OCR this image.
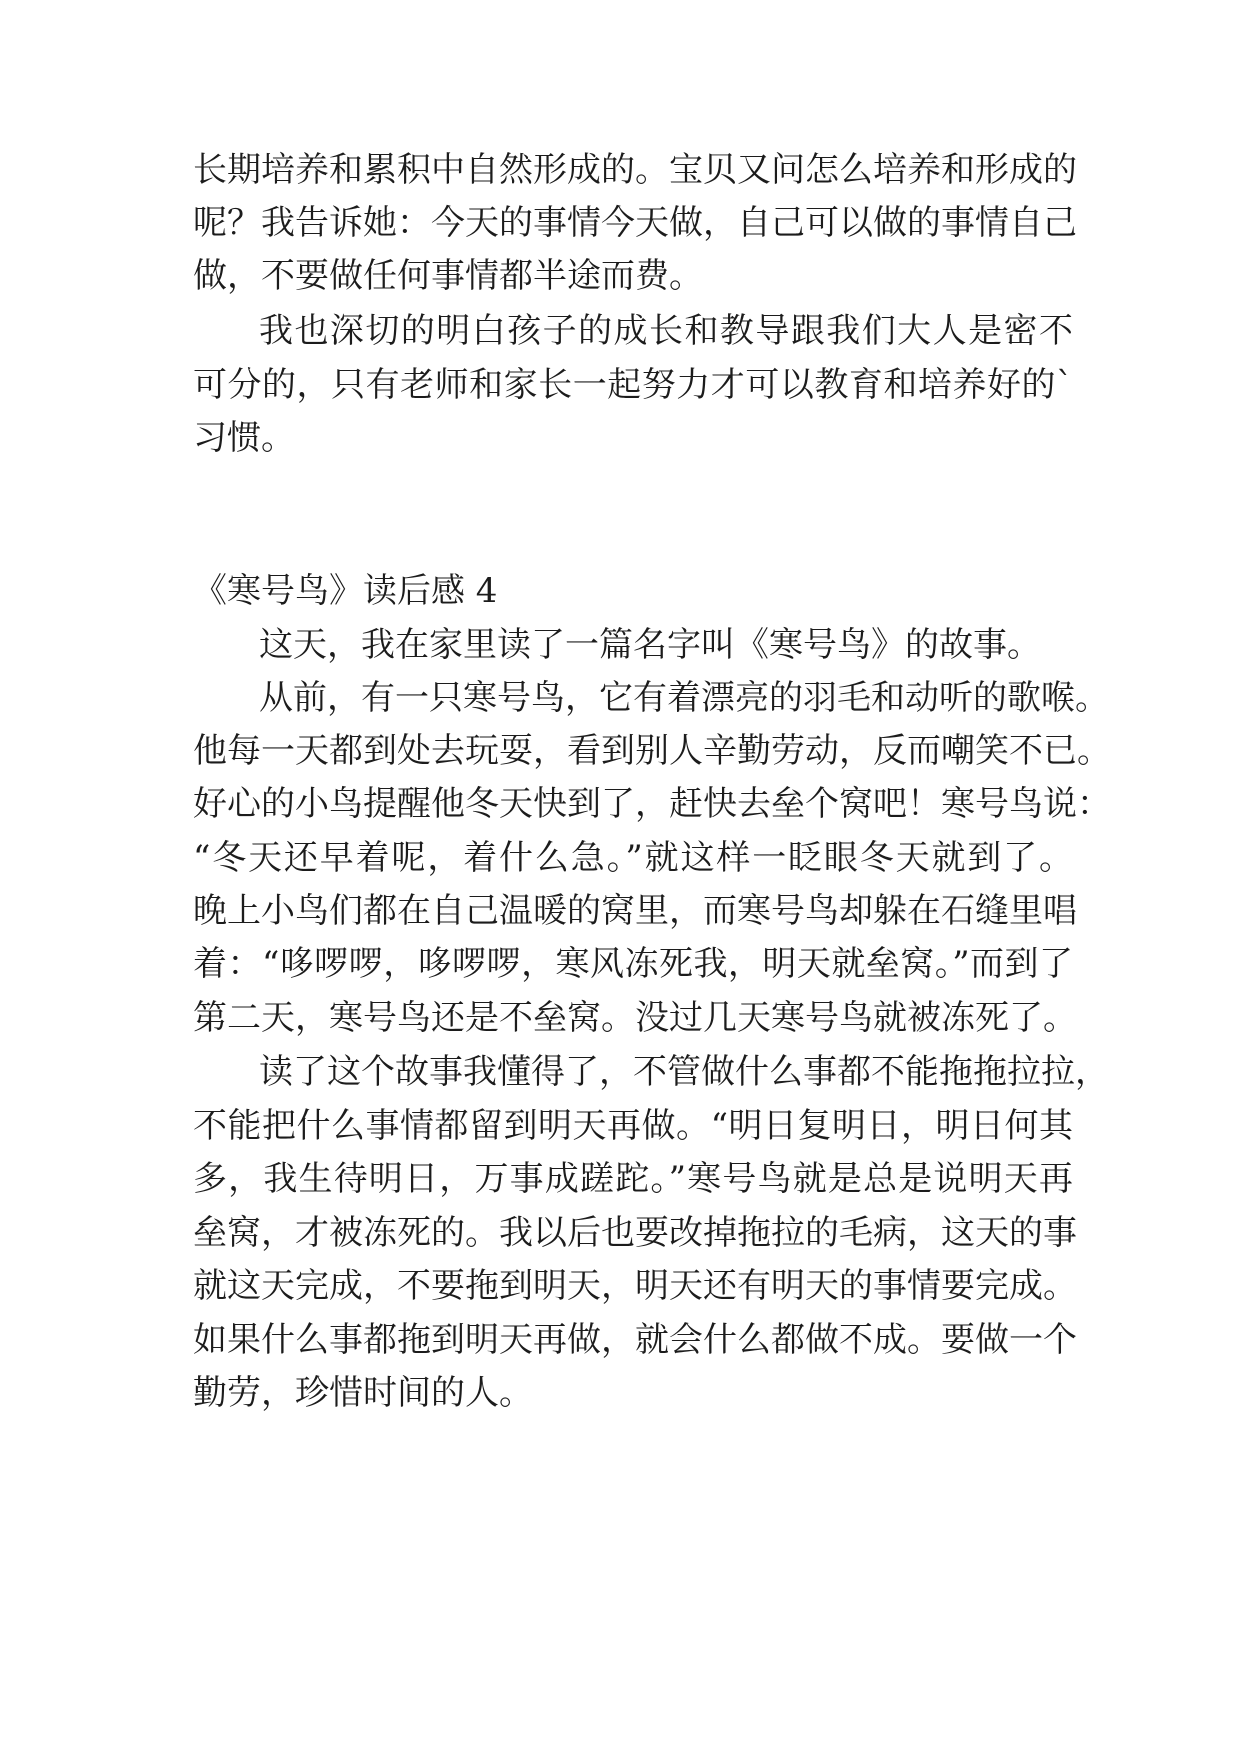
长期培养和累积中自然形成的。宝贝又问怎么培养和形成的
呢？我告诉她：今天的事情今天做，自己可以做的事情自己
做，不要做任何事情都半途而费。
我也深切的明白孩子的成长和教导跟我们大人是密不
可分的，只有老师和家长一起努力才可以教育和培养好的`
习惯。
《寒号鸟》读后感 4
这天，我在家里读了一篇名字叫《寒号鸟》的故事。
从前，有一只寒号鸟，它有着漂亮的羽毛和动听的歌喉。
他每一天都到处去玩耍，看到别人辛勤劳动，反而嘲笑不已。
好心的小鸟提醒他冬天快到了，赶快去垒个窝吧！寒号鸟说：
“冬天还早着呢，着什么急。”就这样一眨眼冬天就到了。
晚上小鸟们都在自己温暖的窝里，而寒号鸟却躲在石缝里唱
着：“哆啰啰，哆啰啰，寒风冻死我，明天就垒窝。”而到了
第二天，寒号鸟还是不垒窝。没过几天寒号鸟就被冻死了。
读了这个故事我懂得了，不管做什么事都不能拖拖拉拉，
不能把什么事情都留到明天再做。“明日复明日，明日何其
多，我生待明日，万事成蹉跎。”寒号鸟就是总是说明天再
垒窝，才被冻死的。我以后也要改掉拖拉的毛病，这天的事
就这天完成，不要拖到明天，明天还有明天的事情要完成。
如果什么事都拖到明天再做，就会什么都做不成。要做一个
勤劳，珍惜时间的人。
